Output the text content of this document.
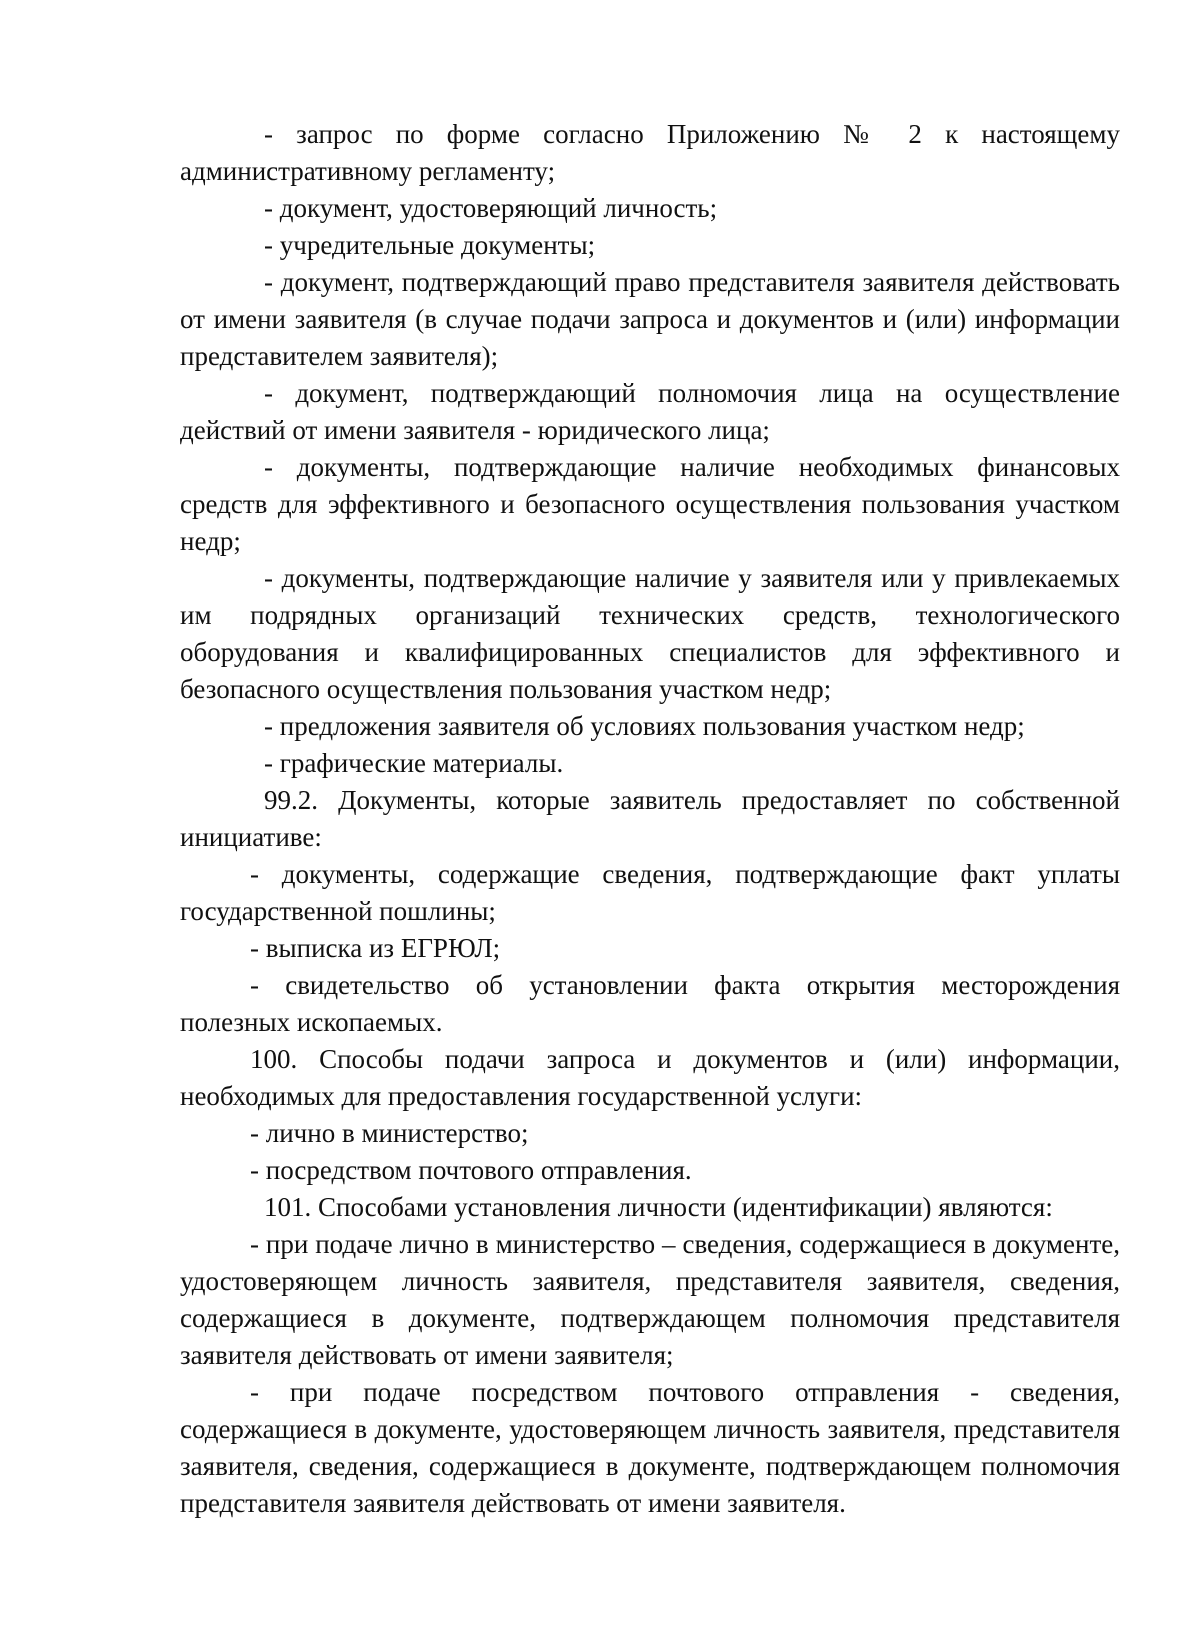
- запрос по форме согласно Приложению № 2 к настоящему административному регламенту;

- документ, удостоверяющий личность;

- учредительные документы;

- документ, подтверждающий право представителя заявителя действовать от имени заявителя (в случае подачи запроса и документов и (или) информации представителем заявителя);

- документ, подтверждающий полномочия лица на осуществление действий от имени заявителя - юридического лица;

- документы, подтверждающие наличие необходимых финансовых средств для эффективного и безопасного осуществления пользования участком недр;

- документы, подтверждающие наличие у заявителя или у привлекаемых им подрядных организаций технических средств, технологического оборудования и квалифицированных специалистов для эффективного и безопасного осуществления пользования участком недр;

- предложения заявителя об условиях пользования участком недр;

- графические материалы.

99.2. Документы, которые заявитель предоставляет по собственной инициативе:

- документы, содержащие сведения, подтверждающие факт уплаты государственной пошлины;

- выписка из ЕГРЮЛ;

- свидетельство об установлении факта открытия месторождения полезных ископаемых.

100. Способы подачи запроса и документов и (или) информации, необходимых для предоставления государственной услуги:

- лично в министерство;

- посредством почтового отправления.

101. Способами установления личности (идентификации) являются:

- при подаче лично в министерство – сведения, содержащиеся в документе, удостоверяющем личность заявителя, представителя заявителя, сведения, содержащиеся в документе, подтверждающем полномочия представителя заявителя действовать от имени заявителя;

- при подаче посредством почтового отправления - сведения, содержащиеся в документе, удостоверяющем личность заявителя, представителя заявителя, сведения, содержащиеся в документе, подтверждающем полномочия представителя заявителя действовать от имени заявителя.
